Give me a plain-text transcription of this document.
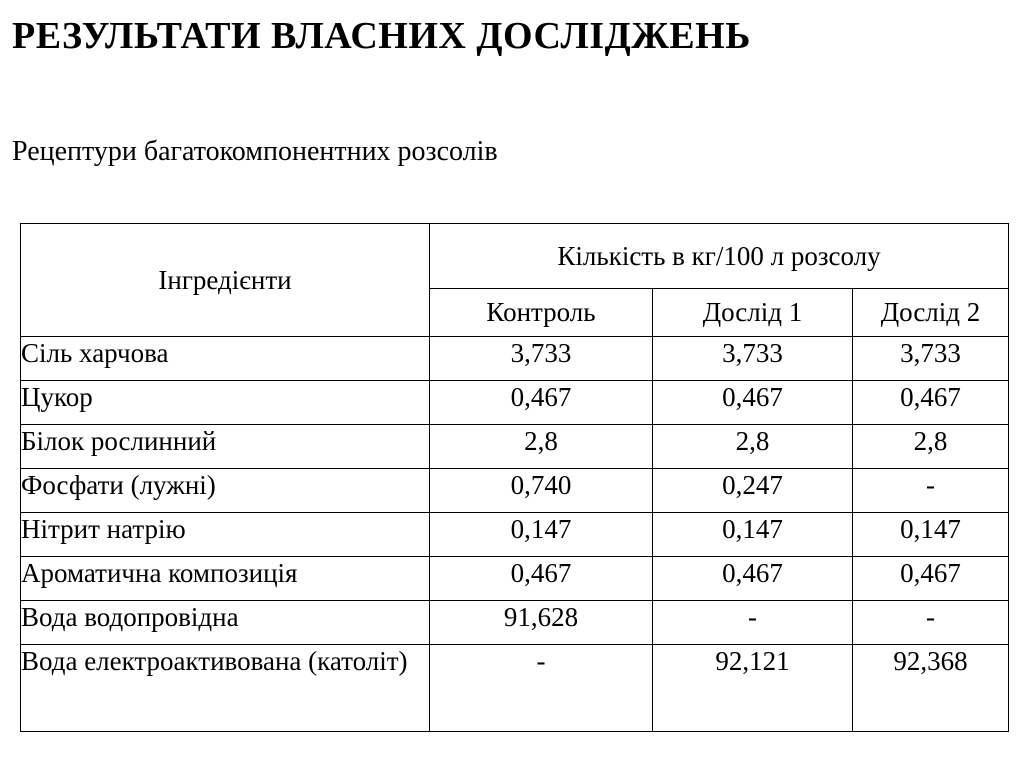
РЕЗУЛЬТАТИ ВЛАСНИХ ДОСЛІДЖЕНЬ
Рецептури багатокомпонентних розсолів
Інгредієнти	Кількість в кг/100 л розсолу		
	Контроль	Дослід 1	Дослід 2
Сіль харчова	3,733	3,733	3,733
Цукор	0,467	0,467	0,467
Білок рослинний	2,8	2,8	2,8
Фосфати (лужні)	0,740	0,247	-
Нітрит натрію	0,147	0,147	0,147
Ароматична композиція	0,467	0,467	0,467
Вода водопровідна	91,628	-	-
Вода електроактивована (католіт)	-	92,121	92,368
